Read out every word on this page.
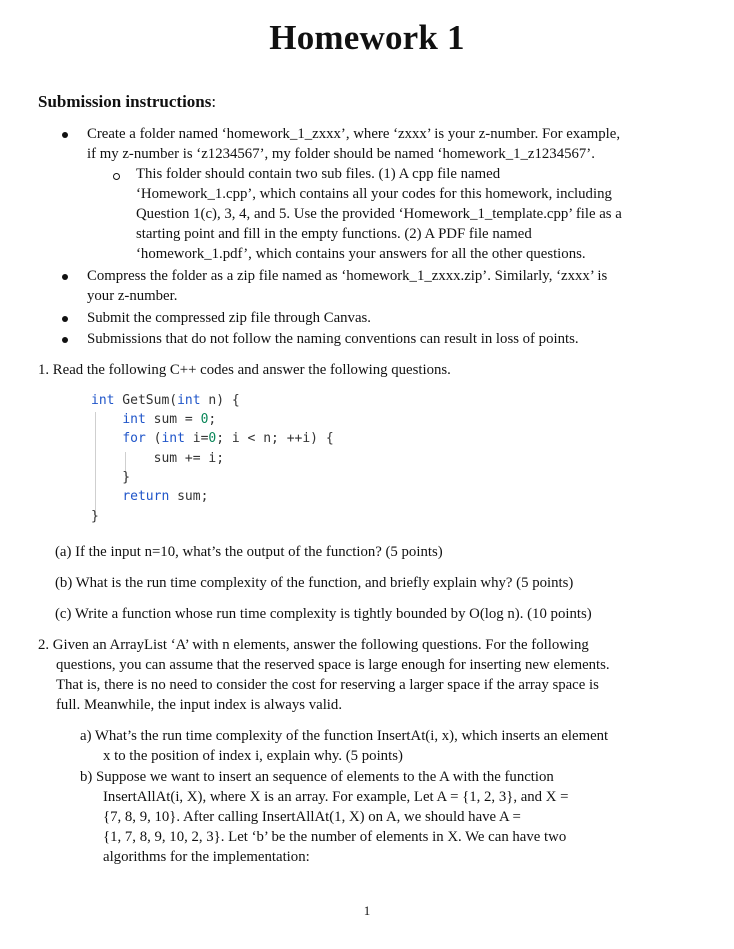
Homework 1
Submission instructions:
Create a folder named ‘homework_1_zxxx’, where ‘zxxx’ is your z-number. For example,
if my z-number is ‘z1234567’, my folder should be named ‘homework_1_z1234567’.
This folder should contain two sub files. (1) A cpp file named
‘Homework_1.cpp’, which contains all your codes for this homework, including
Question 1(c), 3, 4, and 5. Use the provided ‘Homework_1_template.cpp’ file as a
starting point and fill in the empty functions. (2) A PDF file named
‘homework_1.pdf’, which contains your answers for all the other questions.
Compress the folder as a zip file named as ‘homework_1_zxxx.zip’. Similarly, ‘zxxx’ is
your z-number.
Submit the compressed zip file through Canvas.
Submissions that do not follow the naming conventions can result in loss of points.
1. Read the following C++ codes and answer the following questions.
int GetSum(int n) {
int sum = 0;
for (int i=0; i < n; ++i) {
sum += i;
}
return sum;
}
(a) If the input n=10, what’s the output of the function? (5 points)
(b) What is the run time complexity of the function, and briefly explain why? (5 points)
(c) Write a function whose run time complexity is tightly bounded by O(log n). (10 points)
2. Given an ArrayList ‘A’ with n elements, answer the following questions. For the following
questions, you can assume that the reserved space is large enough for inserting new elements.
That is, there is no need to consider the cost for reserving a larger space if the array space is
full. Meanwhile, the input index is always valid.
a) What’s the run time complexity of the function InsertAt(i, x), which inserts an element
x to the position of index i, explain why. (5 points)
b) Suppose we want to insert an sequence of elements to the A with the function
InsertAllAt(i, X), where X is an array. For example, Let A = {1, 2, 3}, and X =
{7, 8, 9, 10}. After calling InsertAllAt(1, X) on A, we should have A =
{1, 7, 8, 9, 10, 2, 3}. Let ‘b’ be the number of elements in X. We can have two
algorithms for the implementation:
1
